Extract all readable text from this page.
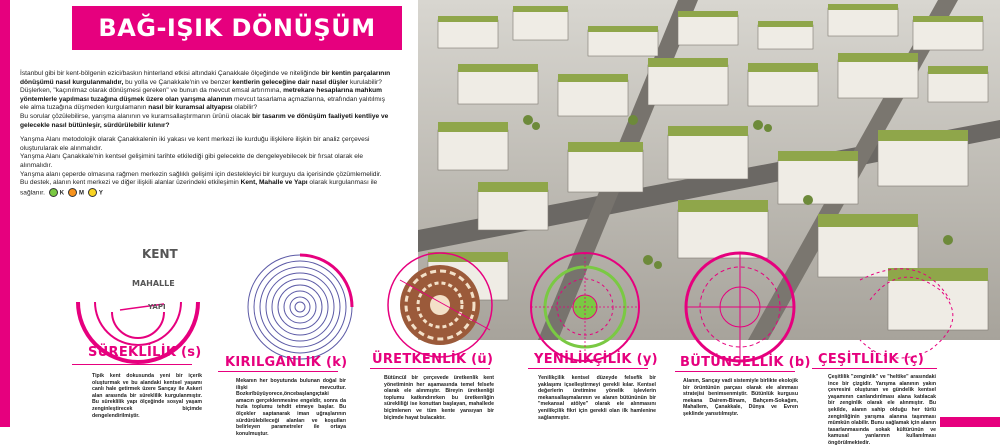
BAĞ-IŞIK DÖNÜŞÜM

İstanbul gibi bir kent-bölgenin ezici/baskın hinterland etkisi altındaki Çanakkale ölçeğinde ve niteliğinde bir kentin parçalarının dönüşümü nasıl kurgulanmalıdır, bu yolla ve Çanakkale'nin ve benzer kentlerin geleceğine dair nasıl düşler kurulabilir?
Düşlerken, "kaçınılmaz olarak dönüşmesi gereken" ve bunun da mevcut emsal artırımına, metrekare hesaplarına mahkum yöntemlerle yapılması tuzağına düşmek üzere olan yarışma alanının mevcut tasarlama açmazlarına, etrafından yalıtılmış ele alma tuzağına düşmeden kurgulamanın nasıl bir kuramsal altyapısı olabilir?
Bu sorular çözülebilirse, yarışma alanının ve kuramsallaştırmanın ürünü olacak bir tasarım ve dönüşüm faaliyeti kentliye ve gelecekle nasıl bütünleşir, sürdürülebilir kılınır?

Yarışma Alanı metodolojik olarak Çanakkalenin iki yakası ve kent merkezi ile kurduğu ilişkilere ilişkin bir analiz çerçevesi oluşturularak ele alınmalıdır.
Yarışma Alanı Çanakkale'nin kentsel gelişimini tarihte etkilediği gibi gelecekte de dengeleyebilecek bir fırsat olarak ele alınmalıdır.
Yarışma alanı çeperde olmasına rağmen merkezin sağlıklı gelişimi için destekleyici bir kurguyu da içerisinde çözümlemelidir.
Bu destek, alanın kent merkezi ve diğer ilişkili alanlar üzerindeki etkileşimin Kent, Mahalle ve Yapı olarak kurgulanması ile sağlanır. K M Y

KENT
MAHALLE
YAPI
SÜREKLİLİK (s)
Tipik kent dokusunda yeni bir içerik oluşturmak ve bu alandaki kentsel yaşamı canlı hale getirmek üzere Sarıçay ile Askeri alan arasında bir süreklilik kurgulanmıştır. Bu süreklilik yapı ölçeğinde sosyal yaşam zenginleştirecek biçimde dengelendirilmiştir.
KIRILGANLIK (k)
Mekanın her boyutunda bulunan doğal bir ilişki mevcuttur. Bozkır/büyüyorece,öncebaşlangıçtaki amacın gerçeklenmesine engeldir, sonra da hızla toplumu tehdit etmeye başlar. Bu ölçekler saptanarak iman uğraşlarının sürdürülebileceği alanları ve koşulları belirleyen parametreler ile ortaya konulmuştur.
ÜRETKENLİK (ü)
Bütüncül bir çerçevede üretkenlik kent yönetiminin her aşamasında temel felsefe olarak ele alınmıştır. Bireyin üretkenliği toplumu katkındırırken bu üretkenliğin sürekliliği ise konuttan başlayan, mahallede biçimlenen ve tüm kente yansıyan bir biçimde hayat bulacaktır.
YENİLİKÇİLİK (y)
Yenilikçilik kentsel düzeyde felsefik bir yaklaşımı içselleştirmeyi gerekli kılar. Kentsel değerlerin üretimine yönelik işlevlerin mekansallaşmalarının ve alanın bütününün bir "mekansal atölye" olarak ele alınmasını yenilikçilik fikri için gerekli olan ilk hamlenine sağlanmıştır.
BÜTÜNSELLİK (b)
Alanın, Sarıçay vadi sistemiyle birlikte ekolojik bir örüntünün parçası olarak ele alınması stratejisi benimsenmiştir. Bütünlük kurgusu mekana Dairem-Binam, Bahçem-Sokağım, Mahallem, Çanakkale, Dünya ve Evren şeklinde yansıtılmıştır.
ÇEŞİTLİLİK (ç)
Çeşitlilik "zenginlik" ve "heltike" arasındaki ince bir çizgidir. Yarışma alanının yakın çevresini oluşturan ve gündelik kentsel yaşamının canlandırılması alana katılacak bir zenginlik olarak ele alınmıştır. Bu şekilde, alanın sahip olduğu her türlü zenginliğinin yarışma alanına taşınması mümkün olabilir. Bunu sağlamak için alanın tasarlanmasında sokak kültürünün ve kamusal yanlarının kullanılması öngörülmektedir.
